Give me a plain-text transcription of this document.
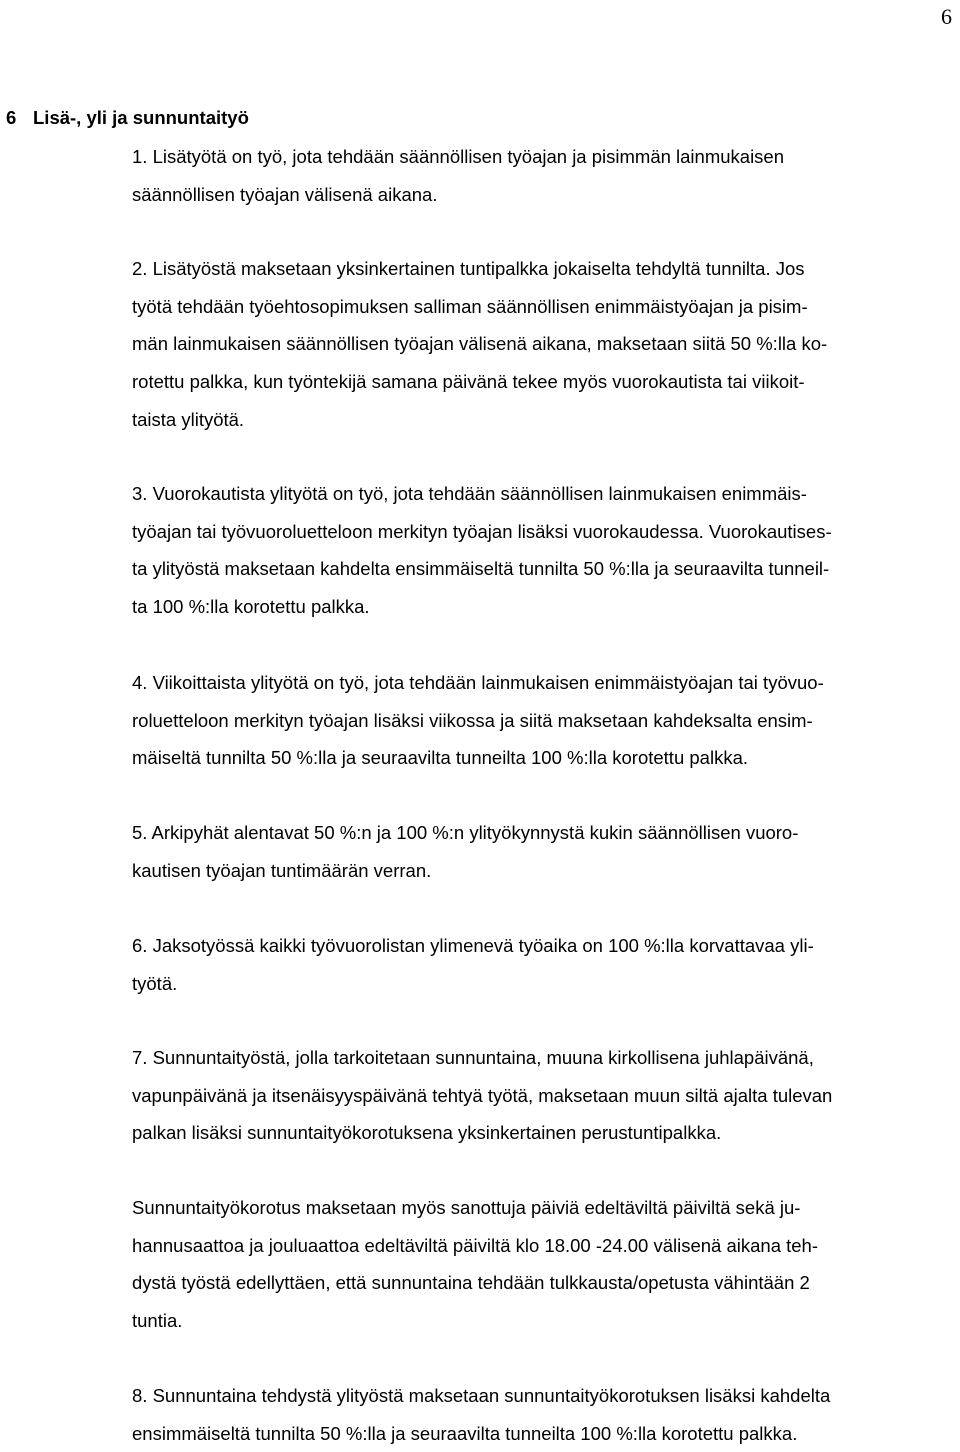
6
6 Lisä-, yli ja sunnuntaityö

1. Lisätyötä on työ, jota tehdään säännöllisen työajan ja pisimmän lainmukaisen
säännöllisen työajan välisenä aikana.

2. Lisätyöstä maksetaan yksinkertainen tuntipalkka jokaiselta tehdyltä tunnilta. Jos
työtä tehdään työehtosopimuksen salliman säännöllisen enimmäistyöajan ja pisim-
män lainmukaisen säännöllisen työajan välisenä aikana, maksetaan siitä 50 %:lla ko-
rotettu palkka, kun työntekijä samana päivänä tekee myös vuorokautista tai viikoit-
taista ylityötä.

3. Vuorokautista ylityötä on työ, jota tehdään säännöllisen lainmukaisen enimmäis-
työajan tai työvuoroluetteloon merkityn työajan lisäksi vuorokaudessa. Vuorokautises-
ta ylityöstä maksetaan kahdelta ensimmäiseltä tunnilta 50 %:lla ja seuraavilta tunneil-
ta 100 %:lla korotettu palkka.

4. Viikoittaista ylityötä on työ, jota tehdään lainmukaisen enimmäistyöajan tai työvuo-
roluetteloon merkityn työajan lisäksi viikossa ja siitä maksetaan kahdeksalta ensim-
mäiseltä tunnilta 50 %:lla ja seuraavilta tunneilta 100 %:lla korotettu palkka.

5. Arkipyhät alentavat 50 %:n ja 100 %:n ylityökynnystä kukin säännöllisen vuoro-
kautisen työajan tuntimäärän verran.

6. Jaksotyössä kaikki työvuorolistan ylimenevä työaika on 100 %:lla korvattavaa yli-
työtä.

7. Sunnuntaityöstä, jolla tarkoitetaan sunnuntaina, muuna kirkollisena juhlapäivänä,
vapunpäivänä ja itsenäisyyspäivänä tehtyä työtä, maksetaan muun siltä ajalta tulevan
palkan lisäksi sunnuntaityökorotuksena yksinkertainen perustuntipalkka.

Sunnuntaityökorotus maksetaan myös sanottuja päiviä edeltäviltä päiviltä sekä ju-
hannusaattoa ja jouluaattoa edeltäviltä päiviltä klo 18.00 -24.00 välisenä aikana teh-
dystä työstä edellyttäen, että sunnuntaina tehdään tulkkausta/opetusta vähintään 2
tuntia.

8. Sunnuntaina tehdystä ylityöstä maksetaan sunnuntaityökorotuksen lisäksi kahdelta
ensimmäiseltä tunnilta 50 %:lla ja seuraavilta tunneilta 100 %:lla korotettu palkka.
